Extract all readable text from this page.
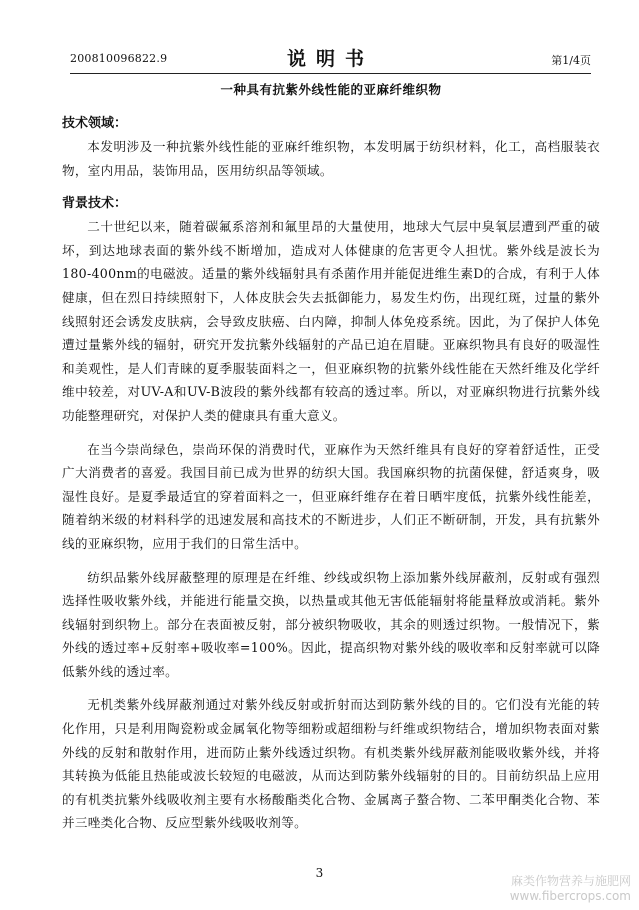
200810096822.9	说明书	第1/4页
一种具有抗紫外线性能的亚麻纤维织物
技术领域：

本发明涉及一种抗紫外线性能的亚麻纤维织物，本发明属于纺织材料，化工，高档服装衣物，室内用品，装饰用品，医用纺织品等领域。

背景技术：

二十世纪以来，随着碳氟系溶剂和氟里昂的大量使用，地球大气层中臭氧层遭到严重的破坏，到达地球表面的紫外线不断增加，造成对人体健康的危害更令人担忧。紫外线是波长为180-400nm的电磁波。适量的紫外线辐射具有杀菌作用并能促进维生素D的合成，有利于人体健康，但在烈日持续照射下，人体皮肤会失去抵御能力，易发生灼伤，出现红斑，过量的紫外线照射还会诱发皮肤病，会导致皮肤癌、白内障，抑制人体免疫系统。因此，为了保护人体免遭过量紫外线的辐射，研究开发抗紫外线辐射的产品已迫在眉睫。亚麻织物具有良好的吸湿性和美观性，是人们青睐的夏季服装面料之一，但亚麻织物的抗紫外线性能在天然纤维及化学纤维中较差，对UV-A和UV-B波段的紫外线都有较高的透过率。所以，对亚麻织物进行抗紫外线功能整理研究，对保护人类的健康具有重大意义。

在当今崇尚绿色，崇尚环保的消费时代，亚麻作为天然纤维具有良好的穿着舒适性，正受广大消费者的喜爱。我国目前已成为世界的纺织大国。我国麻织物的抗菌保健，舒适爽身，吸湿性良好。是夏季最适宜的穿着面料之一，但亚麻纤维存在着日晒牢度低，抗紫外线性能差，随着纳米级的材料科学的迅速发展和高技术的不断进步，人们正不断研制，开发，具有抗紫外线的亚麻织物，应用于我们的日常生活中。

纺织品紫外线屏蔽整理的原理是在纤维、纱线或织物上添加紫外线屏蔽剂，反射或有强烈选择性吸收紫外线，并能进行能量交换，以热量或其他无害低能辐射将能量释放或消耗。紫外线辐射到织物上。部分在表面被反射，部分被织物吸收，其余的则透过织物。一般情况下，紫外线的透过率+反射率+吸收率=100%。因此，提高织物对紫外线的吸收率和反射率就可以降低紫外线的透过率。

无机类紫外线屏蔽剂通过对紫外线反射或折射而达到防紫外线的目的。它们没有光能的转化作用，只是利用陶瓷粉或金属氧化物等细粉或超细粉与纤维或织物结合，增加织物表面对紫外线的反射和散射作用，进而防止紫外线透过织物。有机类紫外线屏蔽剂能吸收紫外线，并将其转换为低能且热能或波长较短的电磁波，从而达到防紫外线辐射的目的。目前纺织品上应用的有机类抗紫外线吸收剂主要有水杨酸酯类化合物、金属离子螯合物、二苯甲酮类化合物、苯并三唑类化合物、反应型紫外线吸收剂等。

3
麻类作物营养与施肥网
www.fibercrops.com
